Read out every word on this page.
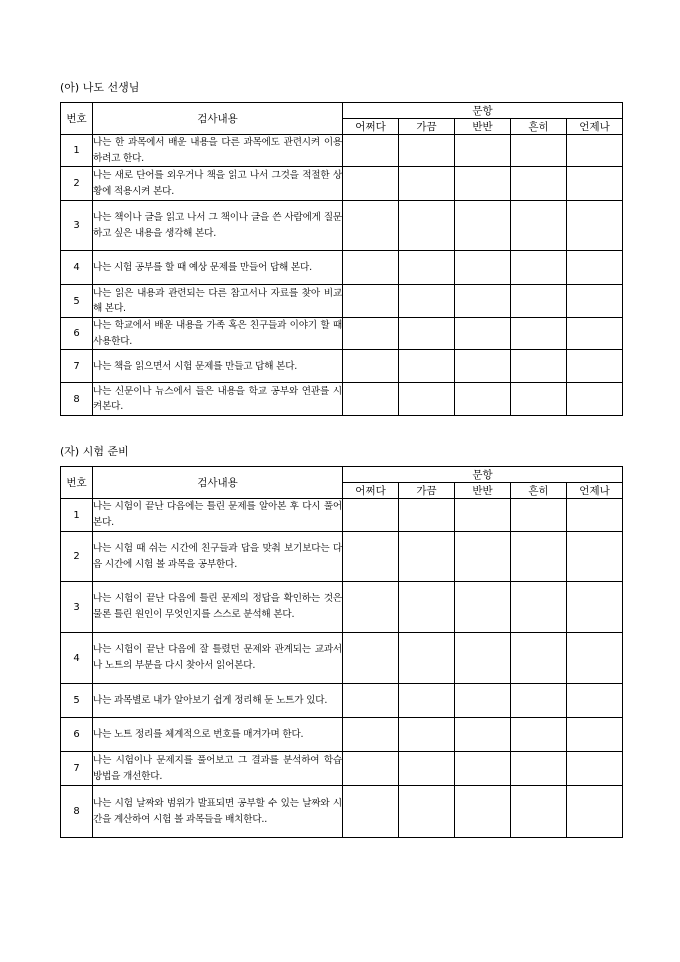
(아) 나도 선생님
번호	검사내용	문항				
		어쩌다	가끔	반반	흔히	언제나
1	나는 한 과목에서 배운 내용을 다른 과목에도 관련시켜 이용하려고 한다.					
2	나는 새로 단어를 외우거나 책을 읽고 나서 그것을 적절한 상황에 적용시켜 본다.					
3	나는 책이나 글을 읽고 나서 그 책이나 글을 쓴 사람에게 질문하고 싶은 내용을 생각해 본다.					
4	나는 시험 공부를 할 때 예상 문제를 만들어 답해 본다.					
5	나는 읽은 내용과 관련되는 다른 참고서나 자료를 찾아 비교해 본다.					
6	나는 학교에서 배운 내용을 가족 혹은 친구들과 이야기 할 때 사용한다.					
7	나는 책을 읽으면서 시험 문제를 만들고 답해 본다.					
8	나는 신문이나 뉴스에서 들은 내용을 학교 공부와 연관를 시켜본다.					
(자) 시험 준비
번호	검사내용	문항				
		어쩌다	가끔	반반	흔히	언제나
1	나는 시험이 끝난 다음에는 틀린 문제를 알아본 후 다시 풀어 본다.					
2	나는 시험 때 쉬는 시간에 친구들과 답을 맞춰 보기보다는 다음 시간에 시험 볼 과목을 공부한다.					
3	나는 시험이 끝난 다음에 틀린 문제의 정답을 확인하는 것은 물론 틀린 원인이 무엇인지를 스스로 분석해 본다.					
4	나는 시험이 끝난 다음에 잘 틀렸던 문제와 관계되는 교과서나 노트의 부분을 다시 찾아서 읽어본다.					
5	나는 과목별로 내가 알아보기 쉽게 정리해 둔 노트가 있다.					
6	나는 노트 정리를 체계적으로 번호를 매겨가며 한다.					
7	나는 시험이나 문제지를 풀어보고 그 결과를 분석하여 학습 방법을 개선한다.					
8	나는 시험 날짜와 범위가 발표되면 공부할 수 있는 날짜와 시간을 계산하여 시험 볼 과목들을 배치한다..					
